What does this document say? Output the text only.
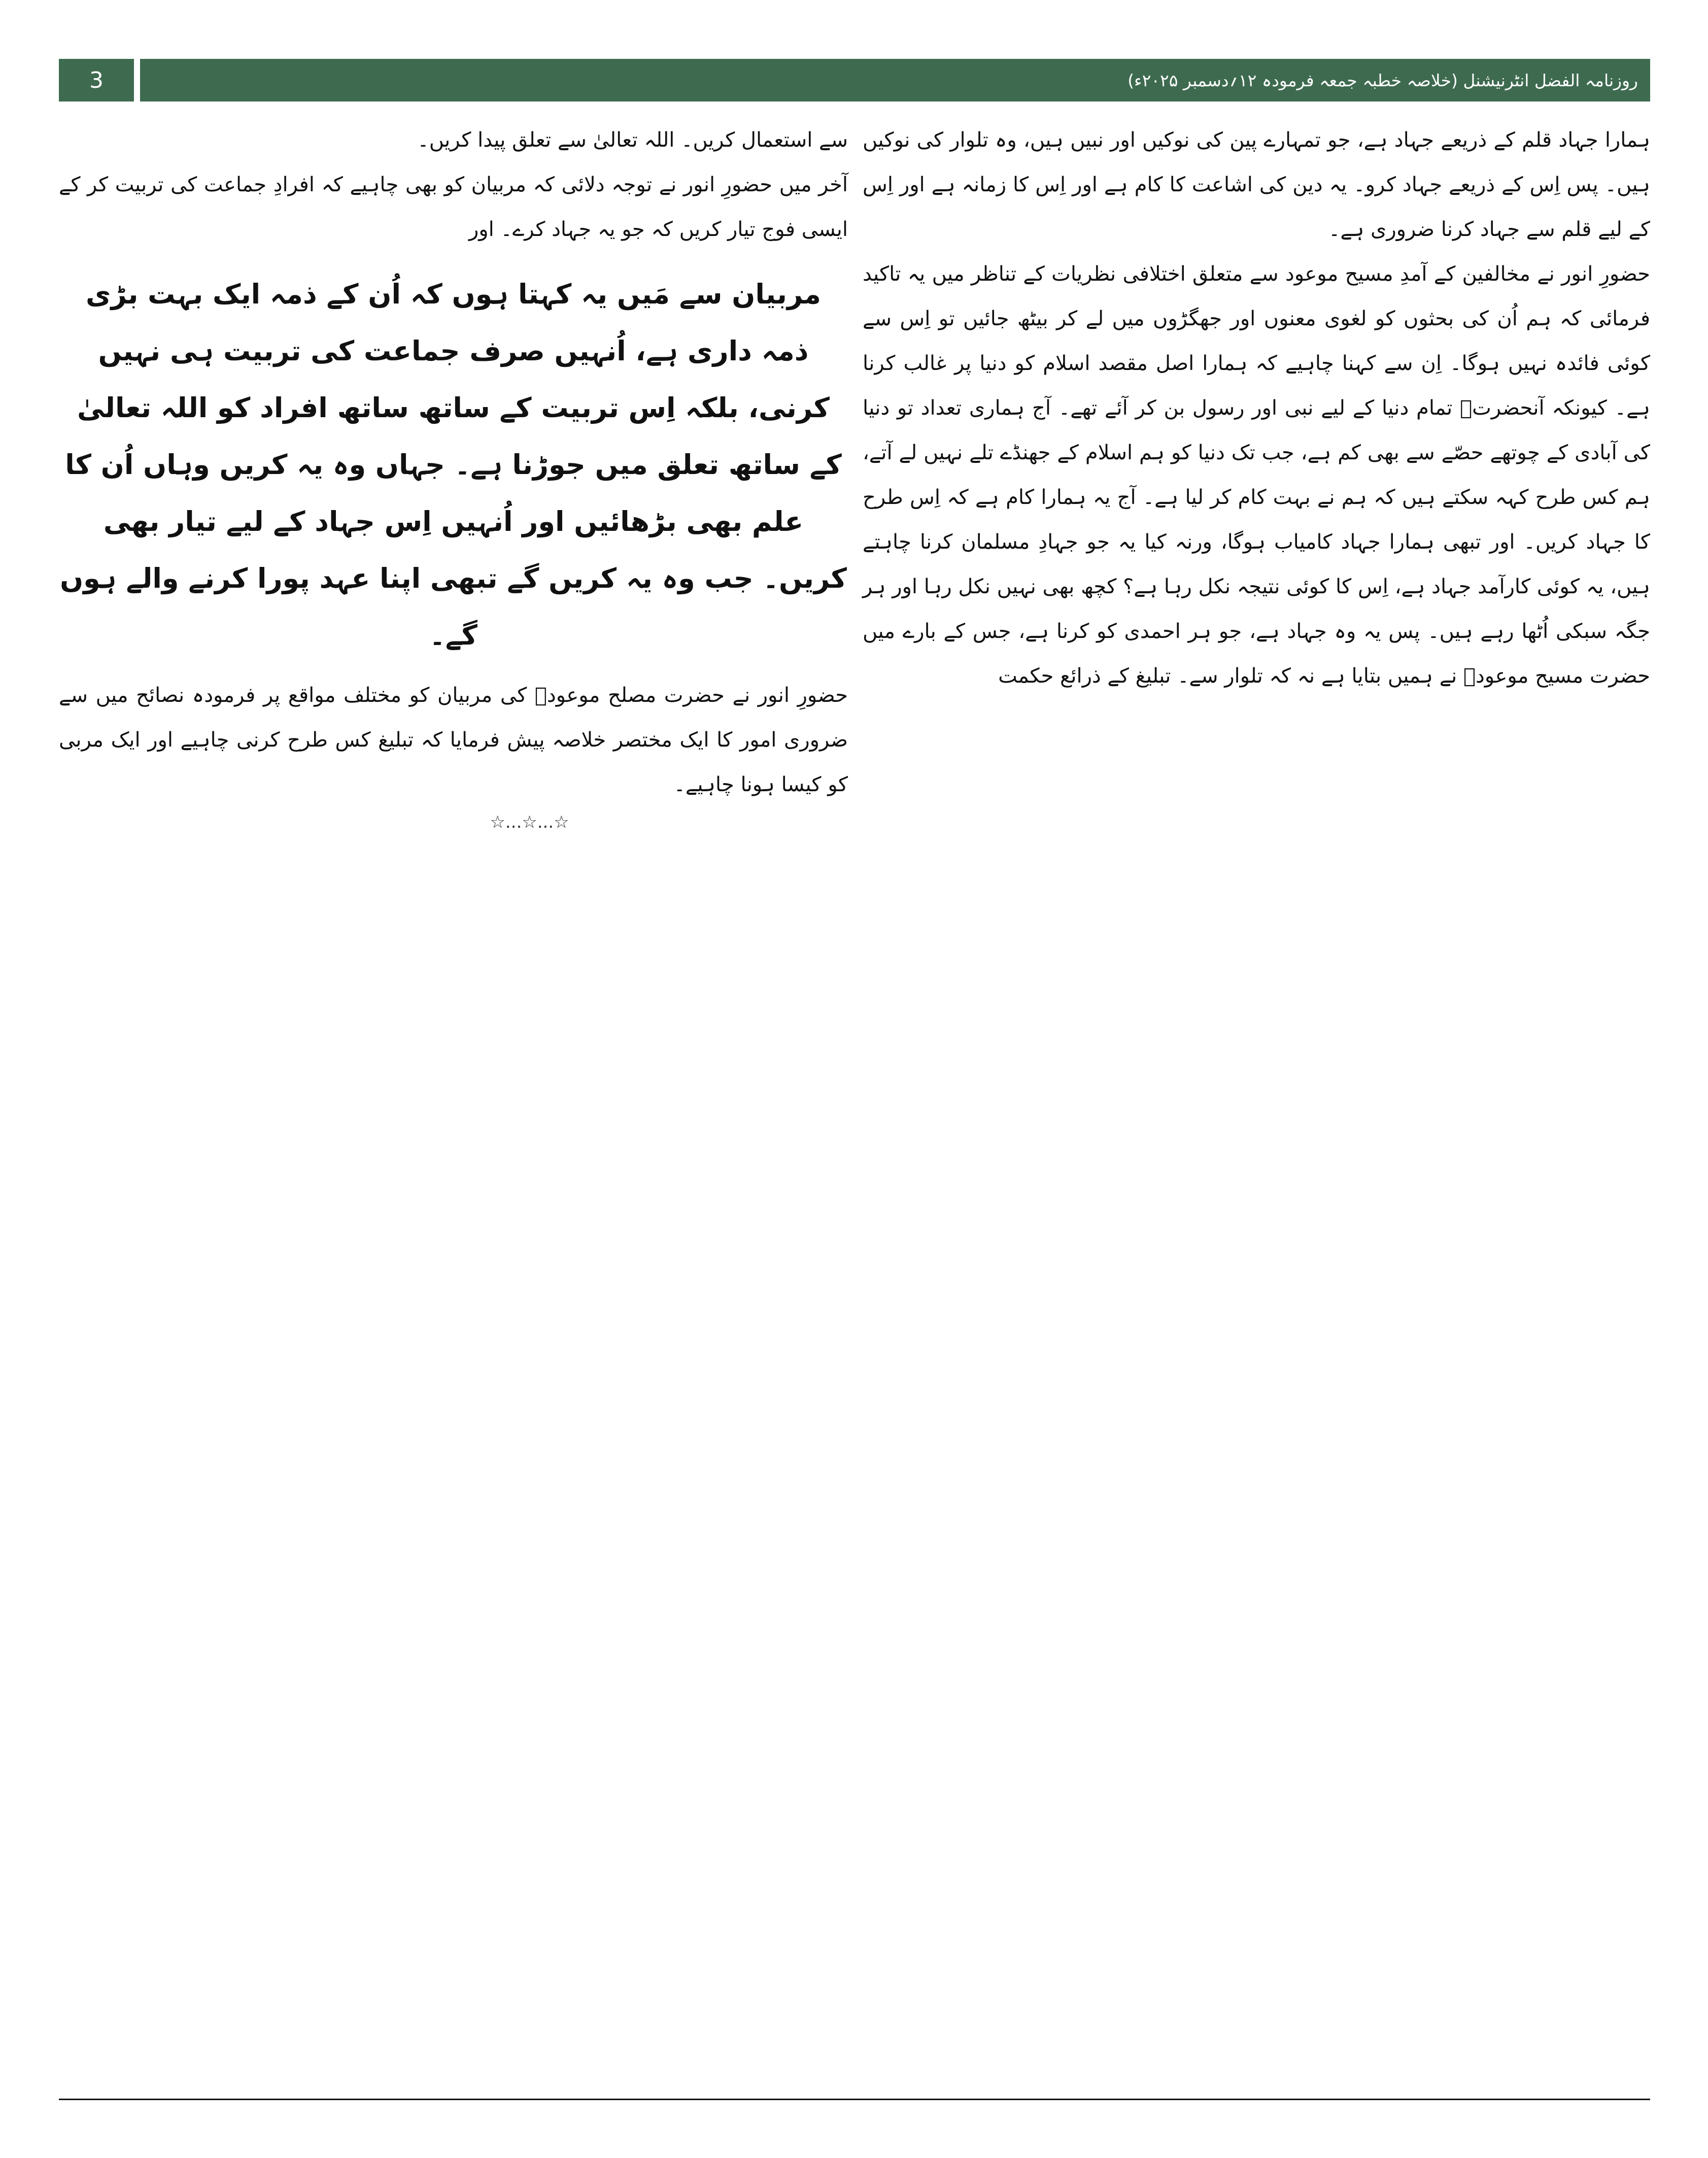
3	روزنامہ الفضل انٹرنیشنل (خلاصہ خطبہ جمعہ فرمودہ ۱۲؍دسمبر ۲۰۲۵ء)

ہمارا جہاد قلم کے ذریعے جہاد ہے، جو تمہارے پین کی نوکیں اور نبیں ہیں، وہ تلوار کی نوکیں ہیں۔ پس اِس کے ذریعے جہاد کرو۔ یہ دین کی اشاعت کا کام ہے اور اِس کا زمانہ ہے اور اِس کے لیے قلم سے جہاد کرنا ضروری ہے۔

حضورِ انور نے مخالفین کے آمدِ مسیح موعود سے متعلق اختلافی نظریات کے تناظر میں یہ تاکید فرمائی کہ ہم اُن کی بحثوں کو لغوی معنوں اور جھگڑوں میں لے کر بیٹھ جائیں تو اِس سے کوئی فائدہ نہیں ہوگا۔ اِن سے کہنا چاہیے کہ ہمارا اصل مقصد اسلام کو دنیا پر غالب کرنا ہے۔ کیونکہ آنحضرتؐ تمام دنیا کے لیے نبی اور رسول بن کر آئے تھے۔ آج ہماری تعداد تو دنیا کی آبادی کے چوتھے حصّے سے بھی کم ہے، جب تک دنیا کو ہم اسلام کے جھنڈے تلے نہیں لے آتے، ہم کس طرح کہہ سکتے ہیں کہ ہم نے بہت کام کر لیا ہے۔ آج یہ ہمارا کام ہے کہ اِس طرح کا جہاد کریں۔ اور تبھی ہمارا جہاد کامیاب ہوگا، ورنہ کیا یہ جو جہادِ مسلمان کرنا چاہتے ہیں، یہ کوئی کارآمد جہاد ہے، اِس کا کوئی نتیجہ نکل رہا ہے؟ کچھ بھی نہیں نکل رہا اور ہر جگہ سبکی اُٹھا رہے ہیں۔ پس یہ وہ جہاد ہے، جو ہر احمدی کو کرنا ہے، جس کے بارے میں حضرت مسیح موعودؑ نے ہمیں بتایا ہے نہ کہ تلوار سے۔ تبلیغ کے ذرائع حکمت

سے استعمال کریں۔ اللہ تعالیٰ سے تعلق پیدا کریں۔

آخر میں حضورِ انور نے توجہ دلائی کہ مربیان کو بھی چاہیے کہ افرادِ جماعت کی تربیت کر کے ایسی فوج تیار کریں کہ جو یہ جہاد کرے۔ اور

مربیان سے مَیں یہ کہتا ہوں کہ اُن کے ذمہ ایک بہت بڑی ذمہ داری ہے، اُنہیں صرف جماعت کی تربیت ہی نہیں کرنی، بلکہ اِس تربیت کے ساتھ ساتھ افراد کو اللہ تعالیٰ کے ساتھ تعلق میں جوڑنا ہے۔ جہاں وہ یہ کریں وہاں اُن کا علم بھی بڑھائیں اور اُنہیں اِس جہاد کے لیے تیار بھی کریں۔ جب وہ یہ کریں گے تبھی اپنا عہد پورا کرنے والے ہوں گے۔

حضورِ انور نے حضرت مصلح موعودؓ کی مربیان کو مختلف مواقع پر فرمودہ نصائح میں سے ضروری امور کا ایک مختصر خلاصہ پیش فرمایا کہ تبلیغ کس طرح کرنی چاہیے اور ایک مربی کو کیسا ہونا چاہیے۔

☆...☆...☆
